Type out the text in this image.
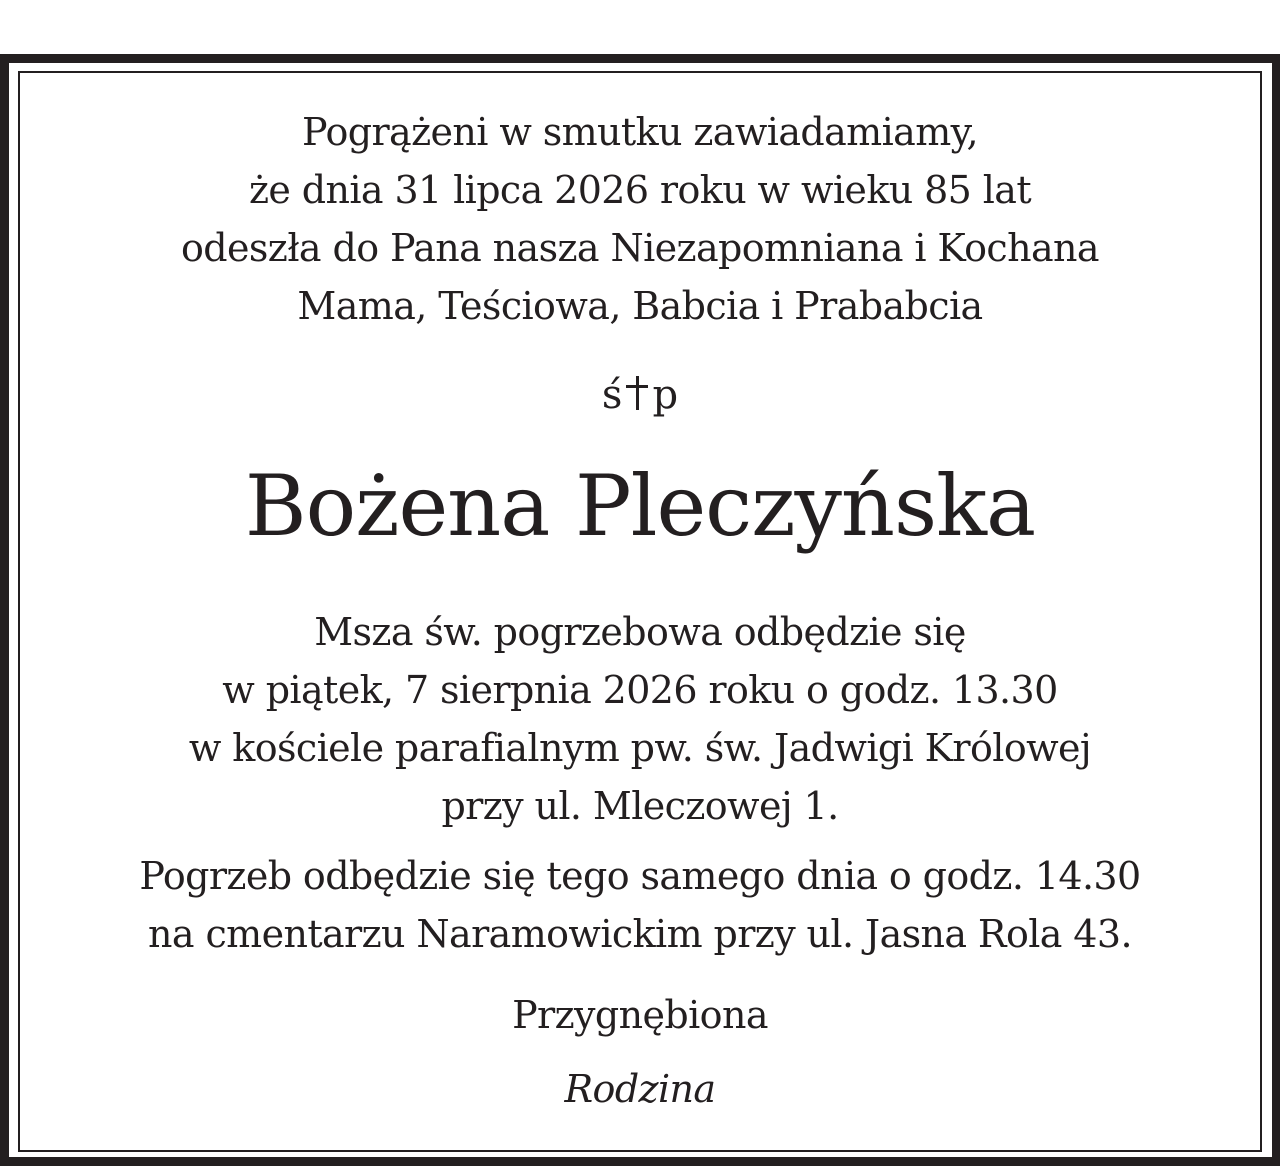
Pogrążeni w smutku zawiadamiamy,
że dnia 31 lipca 2026 roku w wieku 85 lat
odeszła do Pana nasza Niezapomniana i Kochana
Mama, Teściowa, Babcia i Prababcia
ś p
Bożena Pleczyńska
Msza św. pogrzebowa odbędzie się
w piątek, 7 sierpnia 2026 roku o godz. 13.30
w kościele parafialnym pw. św. Jadwigi Królowej
przy ul. Mleczowej 1.
Pogrzeb odbędzie się tego samego dnia o godz. 14.30
na cmentarzu Naramowickim przy ul. Jasna Rola 43.
Przygnębiona
Rodzina
